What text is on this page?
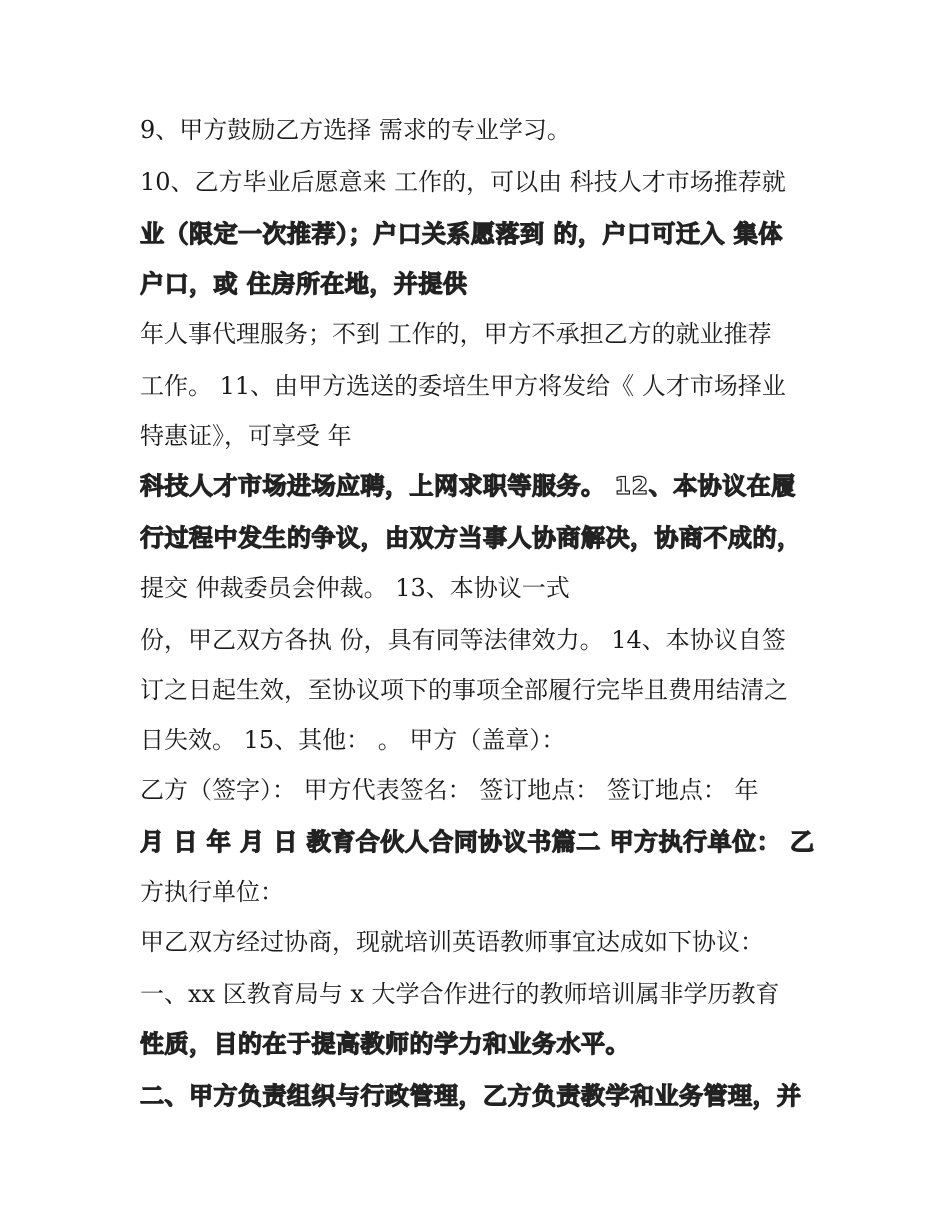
9、甲方鼓励乙方选择 需求的专业学习。
10、乙方毕业后愿意来 工作的，可以由 科技人才市场推荐就
业（限定一次推荐）；户口关系愿落到 的，户口可迁入 集体
户口，或 住房所在地，并提供
年人事代理服务；不到 工作的，甲方不承担乙方的就业推荐
工作。 11、由甲方选送的委培生甲方将发给《 人才市场择业
特惠证》，可享受 年
科技人才市场进场应聘，上网求职等服务。 12、本协议在履
行过程中发生的争议，由双方当事人协商解决，协商不成的，
提交 仲裁委员会仲裁。 13、本协议一式
份，甲乙双方各执 份，具有同等法律效力。 14、本协议自签
订之日起生效，至协议项下的事项全部履行完毕且费用结清之
日失效。 15、其他： 。 甲方（盖章）：
乙方（签字）： 甲方代表签名： 签订地点： 签订地点： 年
月 日 年 月 日 教育合伙人合同协议书篇二 甲方执行单位： 乙
方执行单位：
甲乙双方经过协商，现就培训英语教师事宜达成如下协议：
一、xx 区教育局与 x 大学合作进行的教师培训属非学历教育
性质，目的在于提高教师的学力和业务水平。
二、甲方负责组织与行政管理，乙方负责教学和业务管理，并
